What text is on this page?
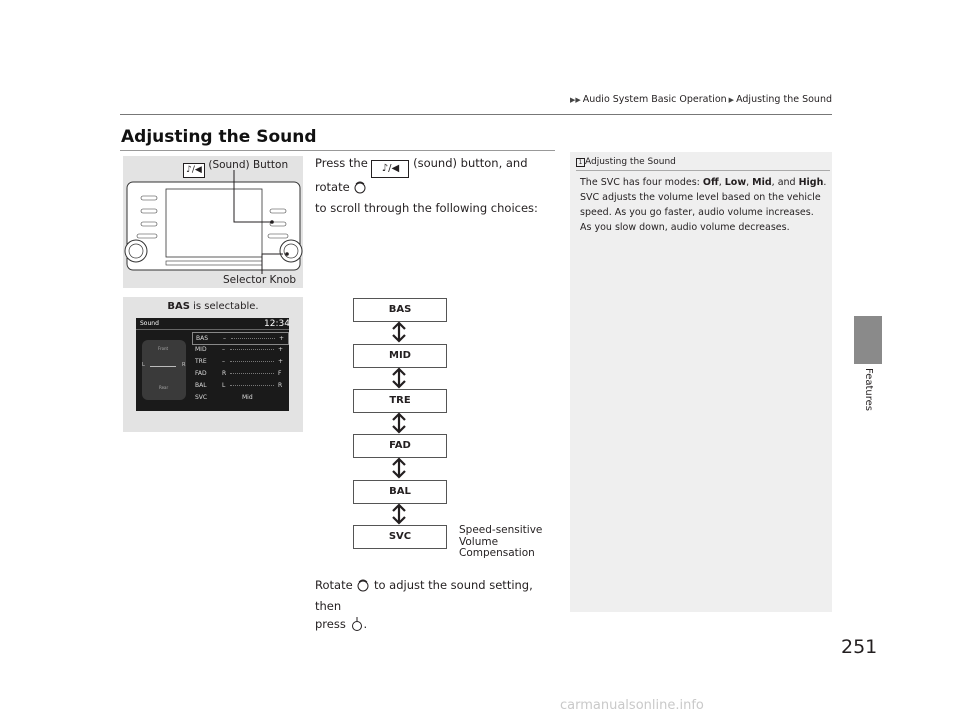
▶▶ Audio System Basic Operation ▶ Adjusting the Sound
Features
Adjusting the Sound
♪/◀ (Sound) Button
Selector Knob
BAS is selectable.
Sound	12:34
Front
Rear
L	R
BAS –	+
MID	–	+
TRE	–	+
FAD	R	F
BAL	L	R
SVC	Mid
Press the ♪/◀ (sound) button, and rotate
to scroll through the following choices:
Speed-sensitive
Volume
Compensation
Rotate to adjust the sound setting, then
press .
1 Adjusting the Sound
The SVC has four modes: Off, Low, Mid, and High.
SVC adjusts the volume level based on the vehicle speed. As you go faster, audio volume increases. As you slow down, audio volume decreases.
251
carmanualsonline.info
BAS
MID
TRE
FAD
BAL
SVC
